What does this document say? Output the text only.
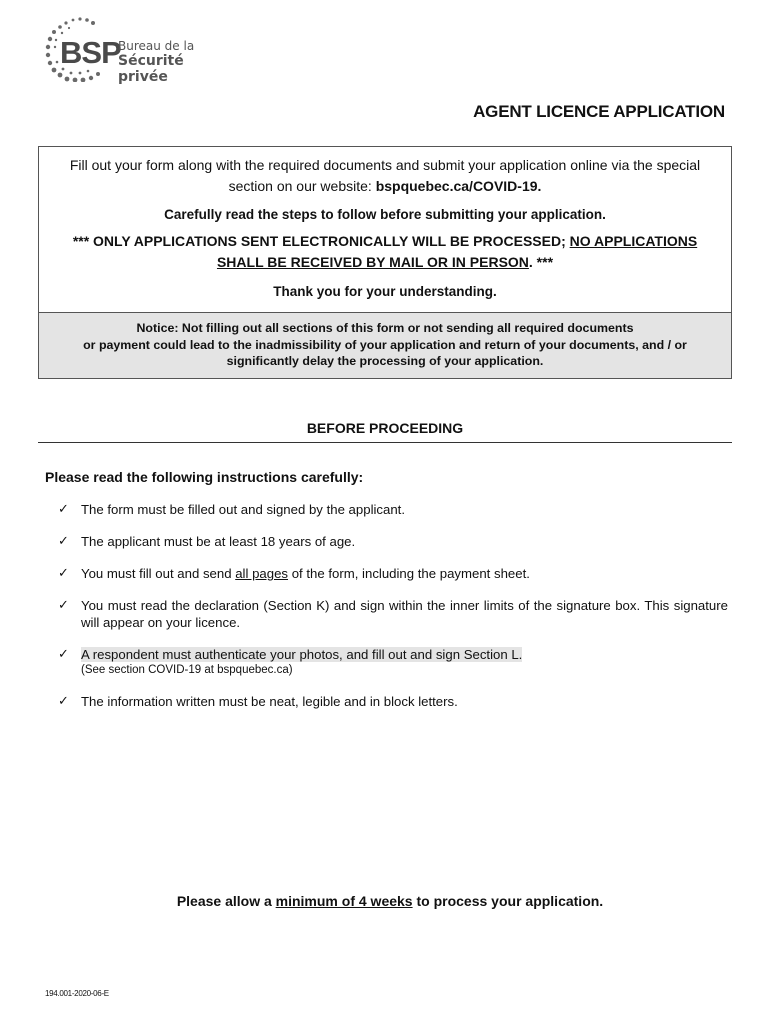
BSP
Bureau de la
Sécurité privée
AGENT LICENCE APPLICATION

Fill out your form along with the required documents and submit your application online via the special section on our website: bspquebec.ca/COVID-19.

Carefully read the steps to follow before submitting your application.

*** ONLY APPLICATIONS SENT ELECTRONICALLY WILL BE PROCESSED; NO APPLICATIONS SHALL BE RECEIVED BY MAIL OR IN PERSON. ***

Thank you for your understanding.

Notice: Not filling out all sections of this form or not sending all required documents
or payment could lead to the inadmissibility of your application and return of your documents, and / or
significantly delay the processing of your application.
BEFORE PROCEEDING
Please read the following instructions carefully:
✓ The form must be filled out and signed by the applicant.
✓ The applicant must be at least 18 years of age.
✓ You must fill out and send all pages of the form, including the payment sheet.
✓ You must read the declaration (Section K) and sign within the inner limits of the signature box. This signature will appear on your licence.
✓ A respondent must authenticate your photos, and fill out and sign Section L.
(See section COVID-19 at bspquebec.ca)
✓ The information written must be neat, legible and in block letters.
Please allow a minimum of 4 weeks to process your application.
194.001-2020-06-E
